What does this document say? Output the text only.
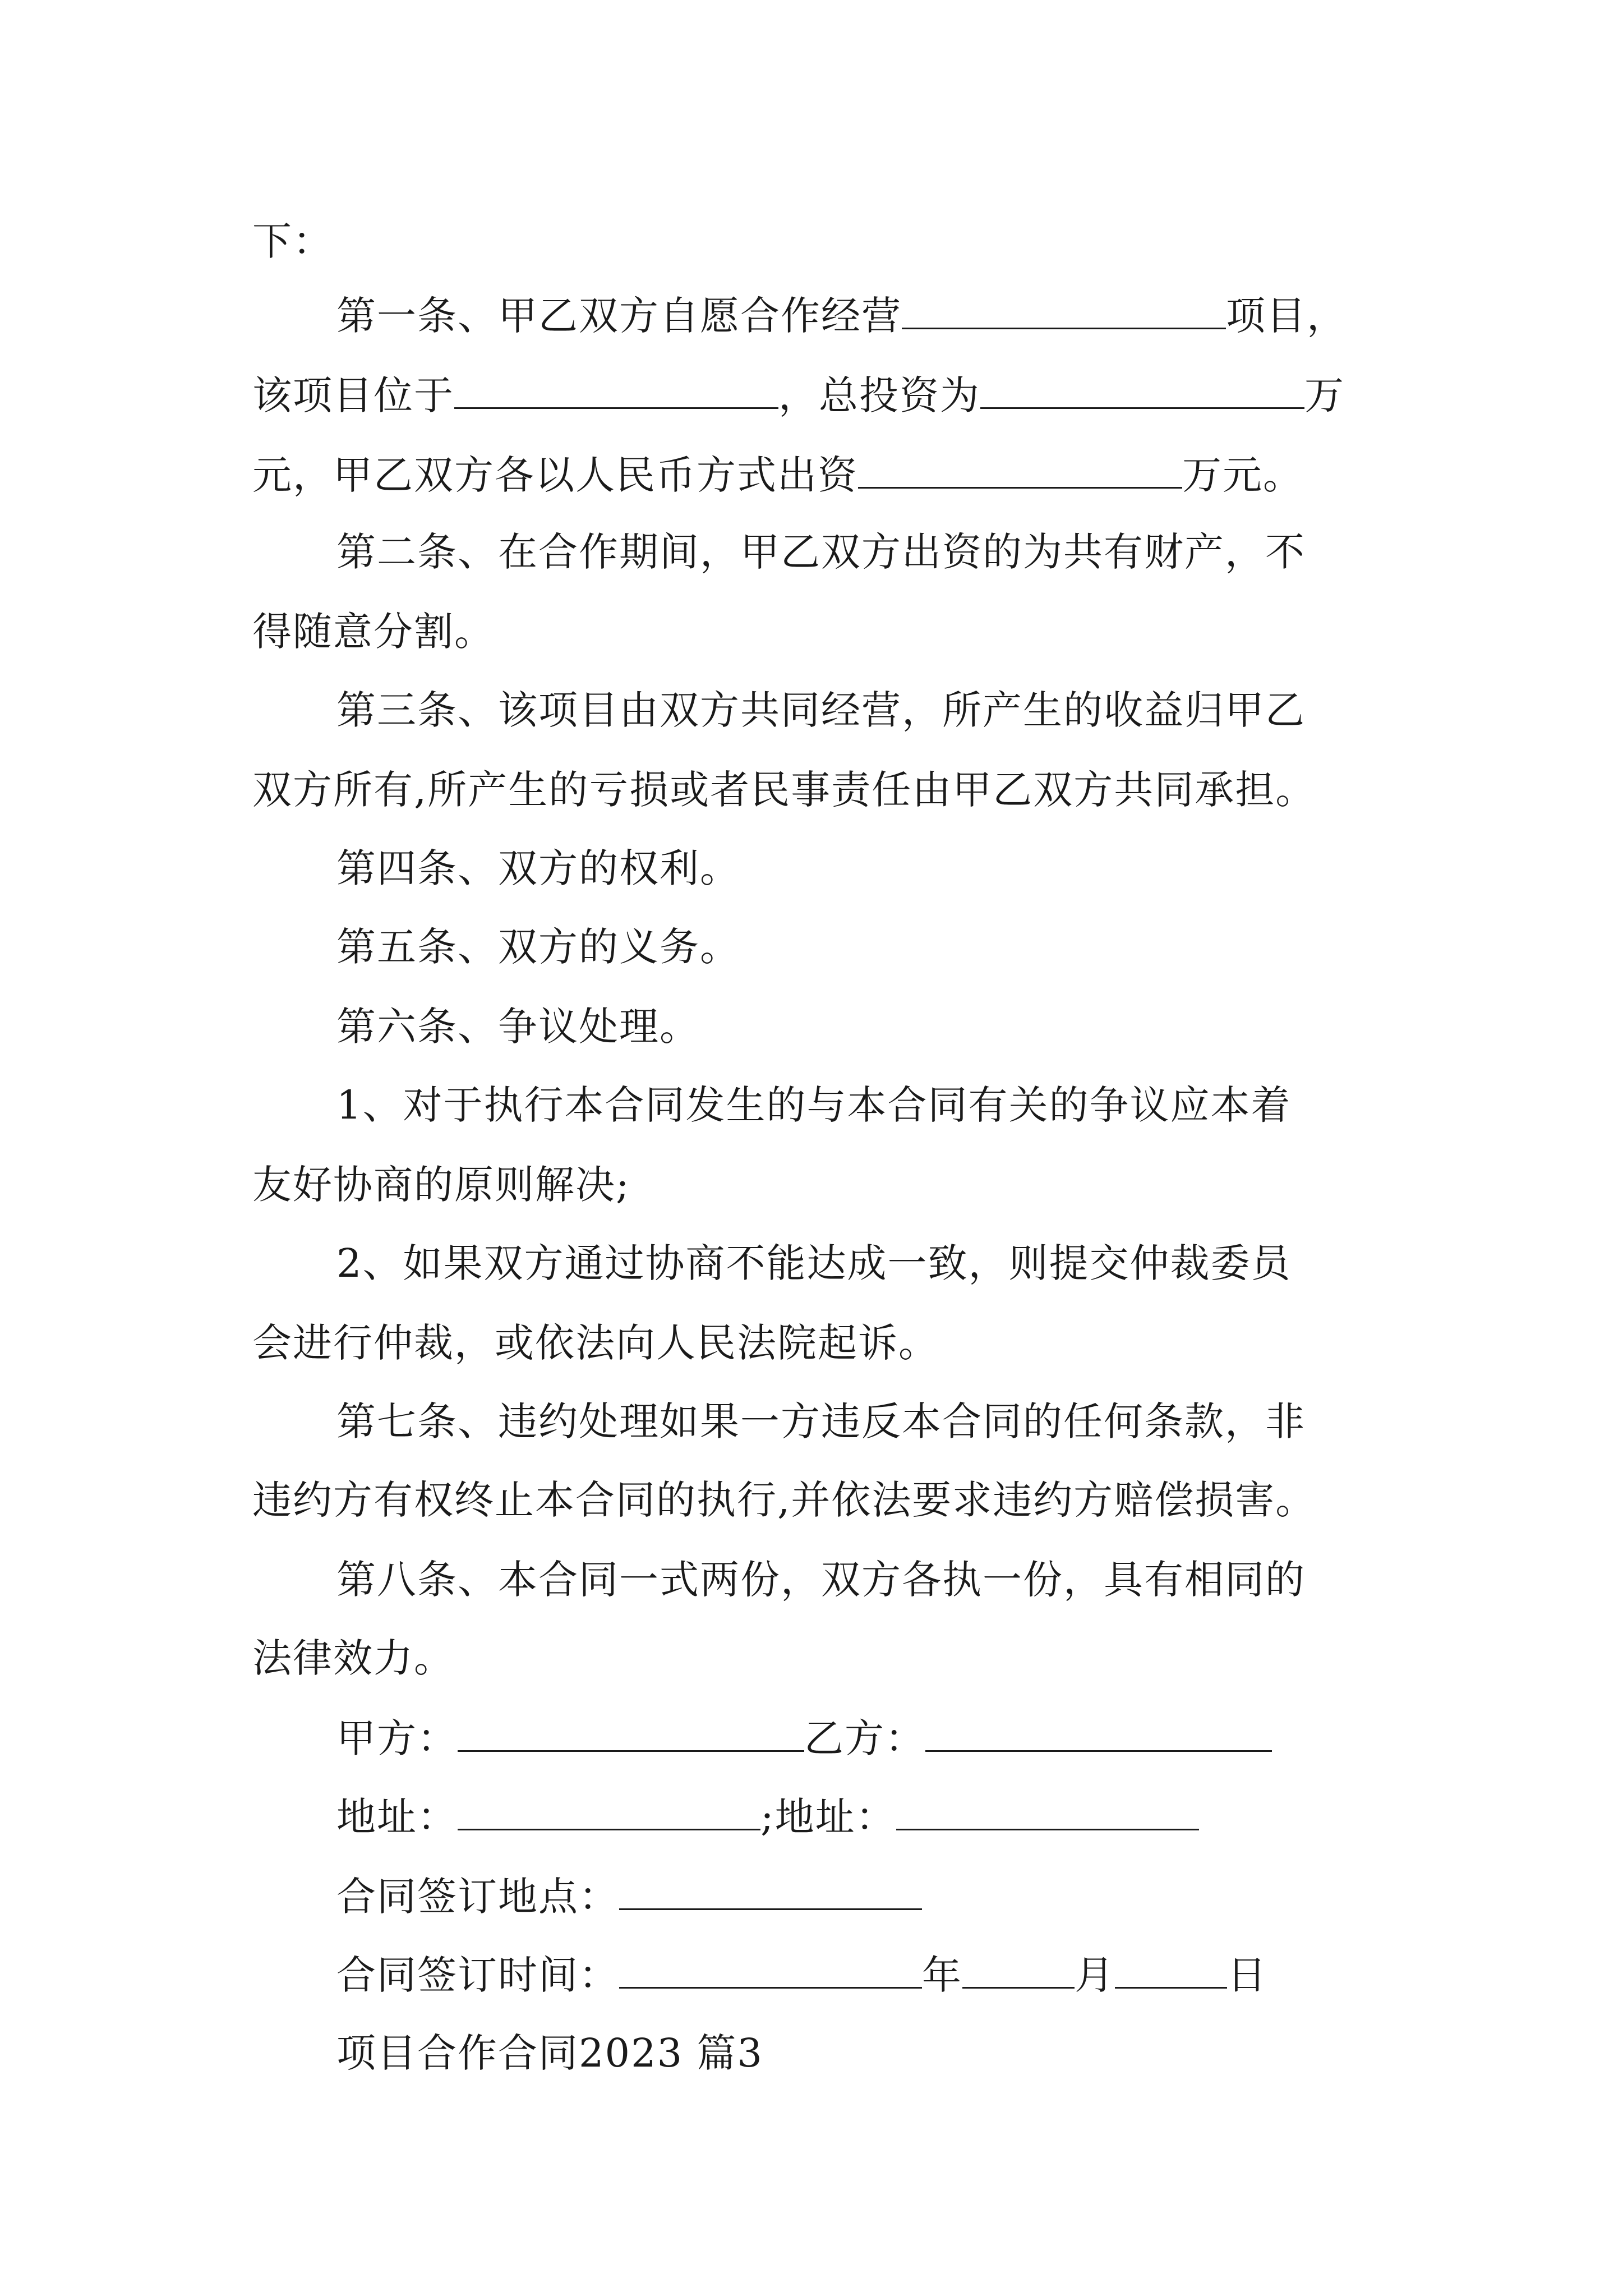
下：
第一条、甲乙双方自愿合作经营	项目，
该项目位于	，总投资为	万
元，甲乙双方各以人民币方式出资	万元。
第二条、在合作期间，甲乙双方出资的为共有财产，不
得随意分割。
第三条、该项目由双方共同经营，所产生的收益归甲乙
双方所有,所产生的亏损或者民事责任由甲乙双方共同承担。
第四条、双方的权利。
第五条、双方的义务。
第六条、争议处理。
1、对于执行本合同发生的与本合同有关的争议应本着
友好协商的原则解决;
2、如果双方通过协商不能达成一致，则提交仲裁委员
会进行仲裁，或依法向人民法院起诉。
第七条、违约处理如果一方违反本合同的任何条款，非
违约方有权终止本合同的执行,并依法要求违约方赔偿损害。
第八条、本合同一式两份，双方各执一份，具有相同的
法律效力。
甲方：	乙方：
地址：	;地址：
合同签订地点：
合同签订时间：	年	月	日
项目合作合同2023 篇3
